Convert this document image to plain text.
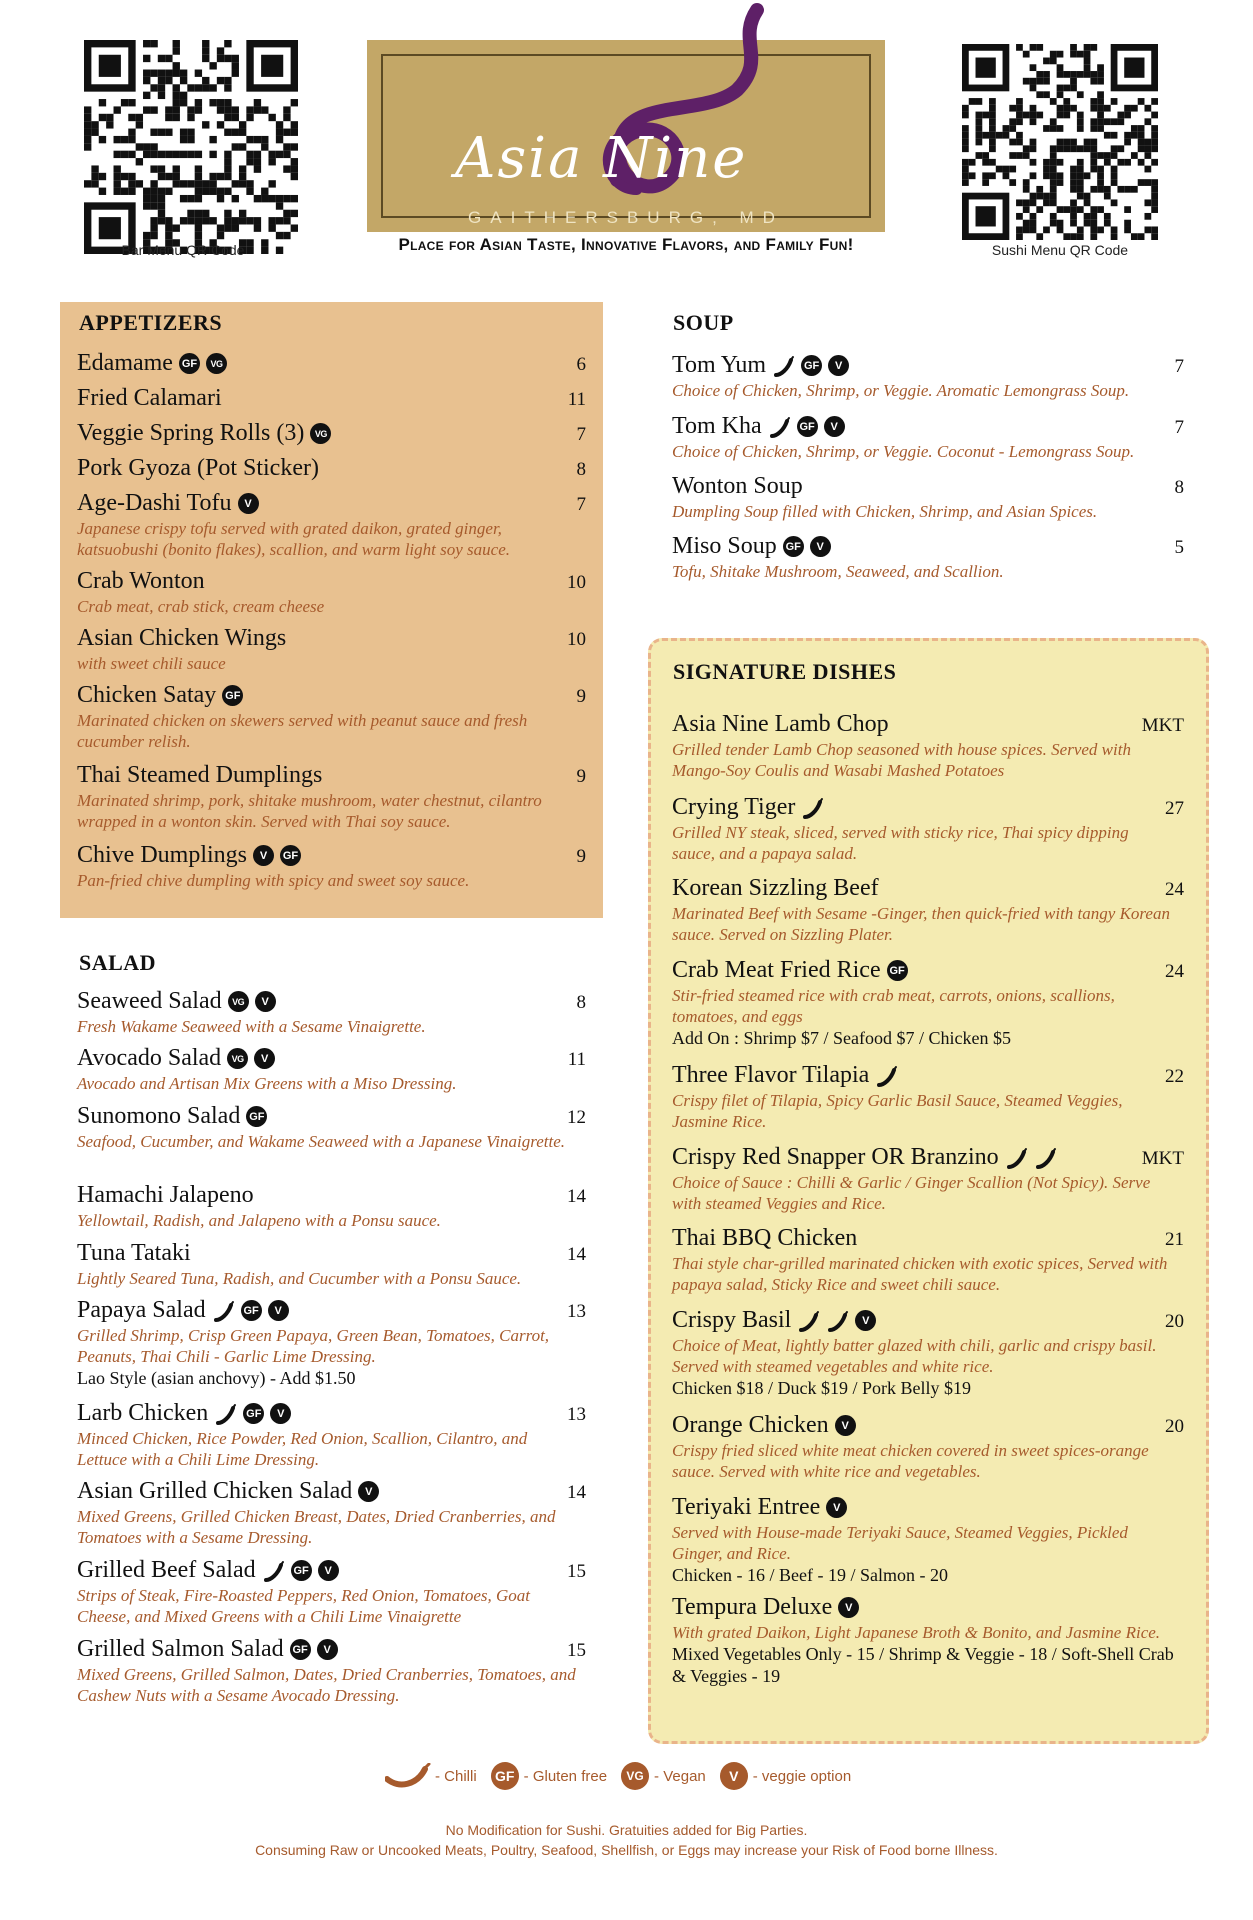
Bar Menu QR Code
Asia Nine
GAITHERSBURG, MD
Place for Asian Taste, Innovative Flavors, and Family Fun!	Sushi Menu QR Code
APPETIZERS
SALAD
SOUP
SIGNATURE DISHES
Edamame GF	VG	6
Fried Calamari	11
Veggie Spring Rolls (3)	VG	7
Pork Gyoza (Pot Sticker)	8
Age-Dashi Tofu	V	7
Japanese crispy tofu served with grated daikon, grated ginger, katsuobushi (bonito flakes), scallion, and warm light soy sauce.
Crab Wonton	10
Crab meat, crab stick, cream cheese
Asian Chicken Wings	10
with sweet chili sauce
Chicken Satay GF	9
Marinated chicken on skewers served with peanut sauce and fresh cucumber relish.
Thai Steamed Dumplings	9
Marinated shrimp, pork, shitake mushroom, water chestnut, cilantro wrapped in a wonton skin. Served with Thai soy sauce.
Chive Dumplings	V	GF	9
Pan-fried chive dumpling with spicy and sweet soy sauce.
Seaweed Salad	VG	V	8
Fresh Wakame Seaweed with a Sesame Vinaigrette.
Avocado Salad	VG	V	11
Avocado and Artisan Mix Greens with a Miso Dressing.
Sunomono Salad GF	12
Seafood, Cucumber, and Wakame Seaweed with a Japanese Vinaigrette.
Hamachi Jalapeno	14
Yellowtail, Radish, and Jalapeno with a Ponsu sauce.
Tuna Tataki	14
Lightly Seared Tuna, Radish, and Cucumber with a Ponsu Sauce.
Papaya Salad	GF	V	13
Grilled Shrimp, Crisp Green Papaya, Green Bean, Tomatoes, Carrot, Peanuts, Thai Chili - Garlic Lime Dressing.
Lao Style (asian anchovy) - Add $1.50
Larb Chicken	GF	V	13
Minced Chicken, Rice Powder, Red Onion, Scallion, Cilantro, and Lettuce with a Chili Lime Dressing.
Asian Grilled Chicken Salad	V	14
Mixed Greens, Grilled Chicken Breast, Dates, Dried Cranberries, and Tomatoes with a Sesame Dressing.
Grilled Beef Salad	GF	V	15
Strips of Steak, Fire-Roasted Peppers, Red Onion, Tomatoes, Goat Cheese, and Mixed Greens with a Chili Lime Vinaigrette
Grilled Salmon Salad GF	V	15
Mixed Greens, Grilled Salmon, Dates, Dried Cranberries, Tomatoes, and Cashew Nuts with a Sesame Avocado Dressing.
Tom Yum	GF	V	7
Choice of Chicken, Shrimp, or Veggie. Aromatic Lemongrass Soup.
Tom Kha	GF	V	7
Choice of Chicken, Shrimp, or Veggie. Coconut - Lemongrass Soup.
Wonton Soup	8
Dumpling Soup filled with Chicken, Shrimp, and Asian Spices.
Miso Soup GF	V	5
Tofu, Shitake Mushroom, Seaweed, and Scallion.
Asia Nine Lamb Chop	MKT
Grilled tender Lamb Chop seasoned with house spices. Served with Mango-Soy Coulis and Wasabi Mashed Potatoes
Crying Tiger	27
Grilled NY steak, sliced, served with sticky rice, Thai spicy dipping sauce, and a papaya salad.
Korean Sizzling Beef	24
Marinated Beef with Sesame -Ginger, then quick-fried with tangy Korean sauce. Served on Sizzling Plater.
Crab Meat Fried Rice GF	24
Stir-fried steamed rice with crab meat, carrots, onions, scallions, tomatoes, and eggs
Add On : Shrimp $7 / Seafood $7 / Chicken $5
Three Flavor Tilapia	22
Crispy filet of Tilapia, Spicy Garlic Basil Sauce, Steamed Veggies, Jasmine Rice.
Crispy Red Snapper OR Branzino	MKT
Choice of Sauce : Chilli & Garlic / Ginger Scallion (Not Spicy). Serve with steamed Veggies and Rice.
Thai BBQ Chicken	21
Thai style char-grilled marinated chicken with exotic spices, Served with papaya salad, Sticky Rice and sweet chili sauce.
Crispy Basil	V	20
Choice of Meat, lightly batter glazed with chili, garlic and crispy basil. Served with steamed vegetables and white rice.
Chicken $18 / Duck $19 / Pork Belly $19
Orange Chicken	V	20
Crispy fried sliced white meat chicken covered in sweet spices-orange sauce. Served with white rice and vegetables.
Teriyaki Entree	V
Served with House-made Teriyaki Sauce, Steamed Veggies, Pickled Ginger, and Rice.
Chicken - 16 / Beef - 19 / Salmon - 20
Tempura Deluxe	V
With grated Daikon, Light Japanese Broth & Bonito, and Jasmine Rice.
Mixed Vegetables Only - 15 / Shrimp & Veggie - 18 / Soft-Shell Crab & Veggies - 19
- Chilli	GF - Gluten free	VG - Vegan	V - veggie option
No Modification for Sushi. Gratuities added for Big Parties.
Consuming Raw or Uncooked Meats, Poultry, Seafood, Shellfish, or Eggs may increase your Risk of Food borne Illness.
